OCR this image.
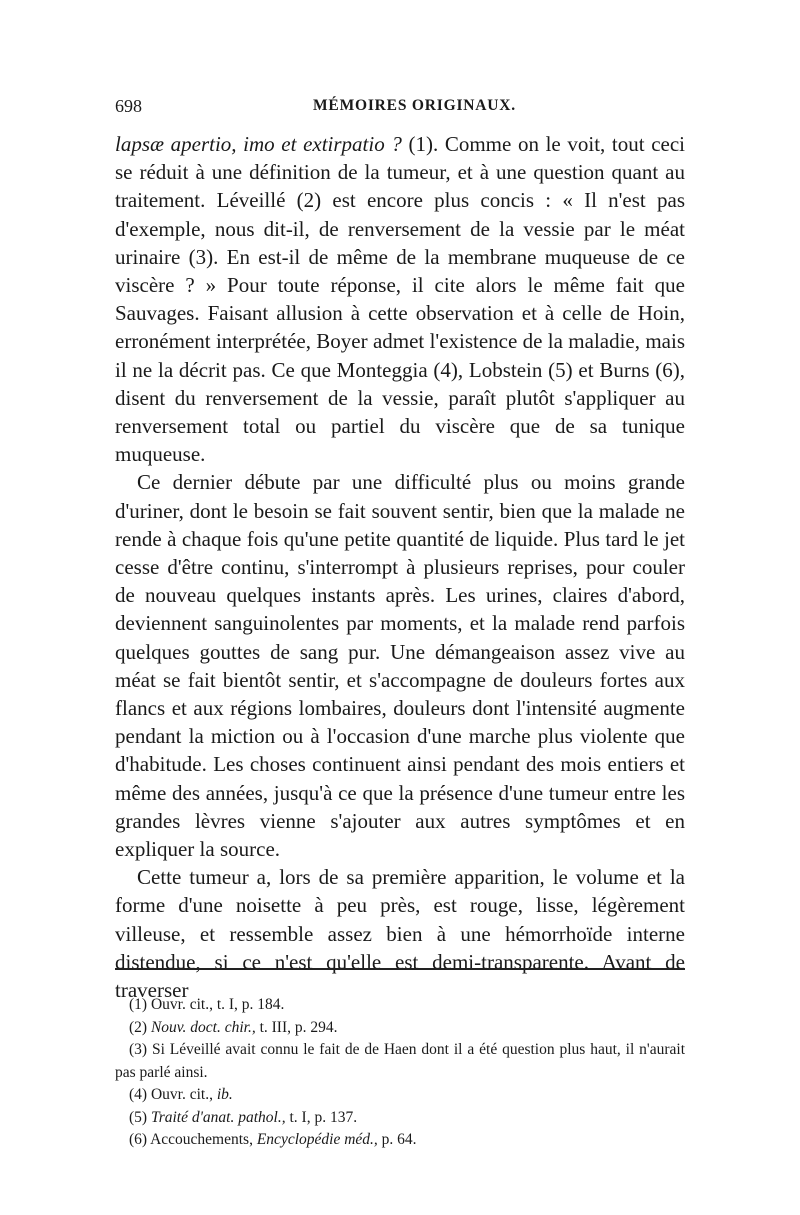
698	MÉMOIRES ORIGINAUX.

lapsæ apertio, imo et extirpatio ? (1). Comme on le voit, tout ceci se réduit à une définition de la tumeur, et à une question quant au traitement. Léveillé (2) est encore plus concis : « Il n'est pas d'exemple, nous dit-il, de renversement de la vessie par le méat urinaire (3). En est-il de même de la membrane muqueuse de ce viscère ? » Pour toute réponse, il cite alors le même fait que Sauvages. Faisant allusion à cette observation et à celle de Hoin, erronément interprétée, Boyer admet l'existence de la maladie, mais il ne la décrit pas. Ce que Monteggia (4), Lobstein (5) et Burns (6), disent du renversement de la vessie, paraît plutôt s'appliquer au renversement total ou partiel du viscère que de sa tunique muqueuse.

Ce dernier débute par une difficulté plus ou moins grande d'uriner, dont le besoin se fait souvent sentir, bien que la malade ne rende à chaque fois qu'une petite quantité de liquide. Plus tard le jet cesse d'être continu, s'interrompt à plusieurs reprises, pour couler de nouveau quelques instants après. Les urines, claires d'abord, deviennent sanguinolentes par moments, et la malade rend parfois quelques gouttes de sang pur. Une démangeaison assez vive au méat se fait bientôt sentir, et s'accompagne de douleurs fortes aux flancs et aux régions lombaires, douleurs dont l'intensité augmente pendant la miction ou à l'occasion d'une marche plus violente que d'habitude. Les choses continuent ainsi pendant des mois entiers et même des années, jusqu'à ce que la présence d'une tumeur entre les grandes lèvres vienne s'ajouter aux autres symptômes et en expliquer la source.

Cette tumeur a, lors de sa première apparition, le volume et la forme d'une noisette à peu près, est rouge, lisse, légèrement villeuse, et ressemble assez bien à une hémorrhoïde interne distendue, si ce n'est qu'elle est demi-transparente. Avant de traverser

(1) Ouvr. cit., t. I, p. 184.

(2) Nouv. doct. chir., t. III, p. 294.

(3) Si Léveillé avait connu le fait de de Haen dont il a été question plus haut, il n'aurait pas parlé ainsi.

(4) Ouvr. cit., ib.

(5) Traité d'anat. pathol., t. I, p. 137.

(6) Accouchements, Encyclopédie méd., p. 64.
